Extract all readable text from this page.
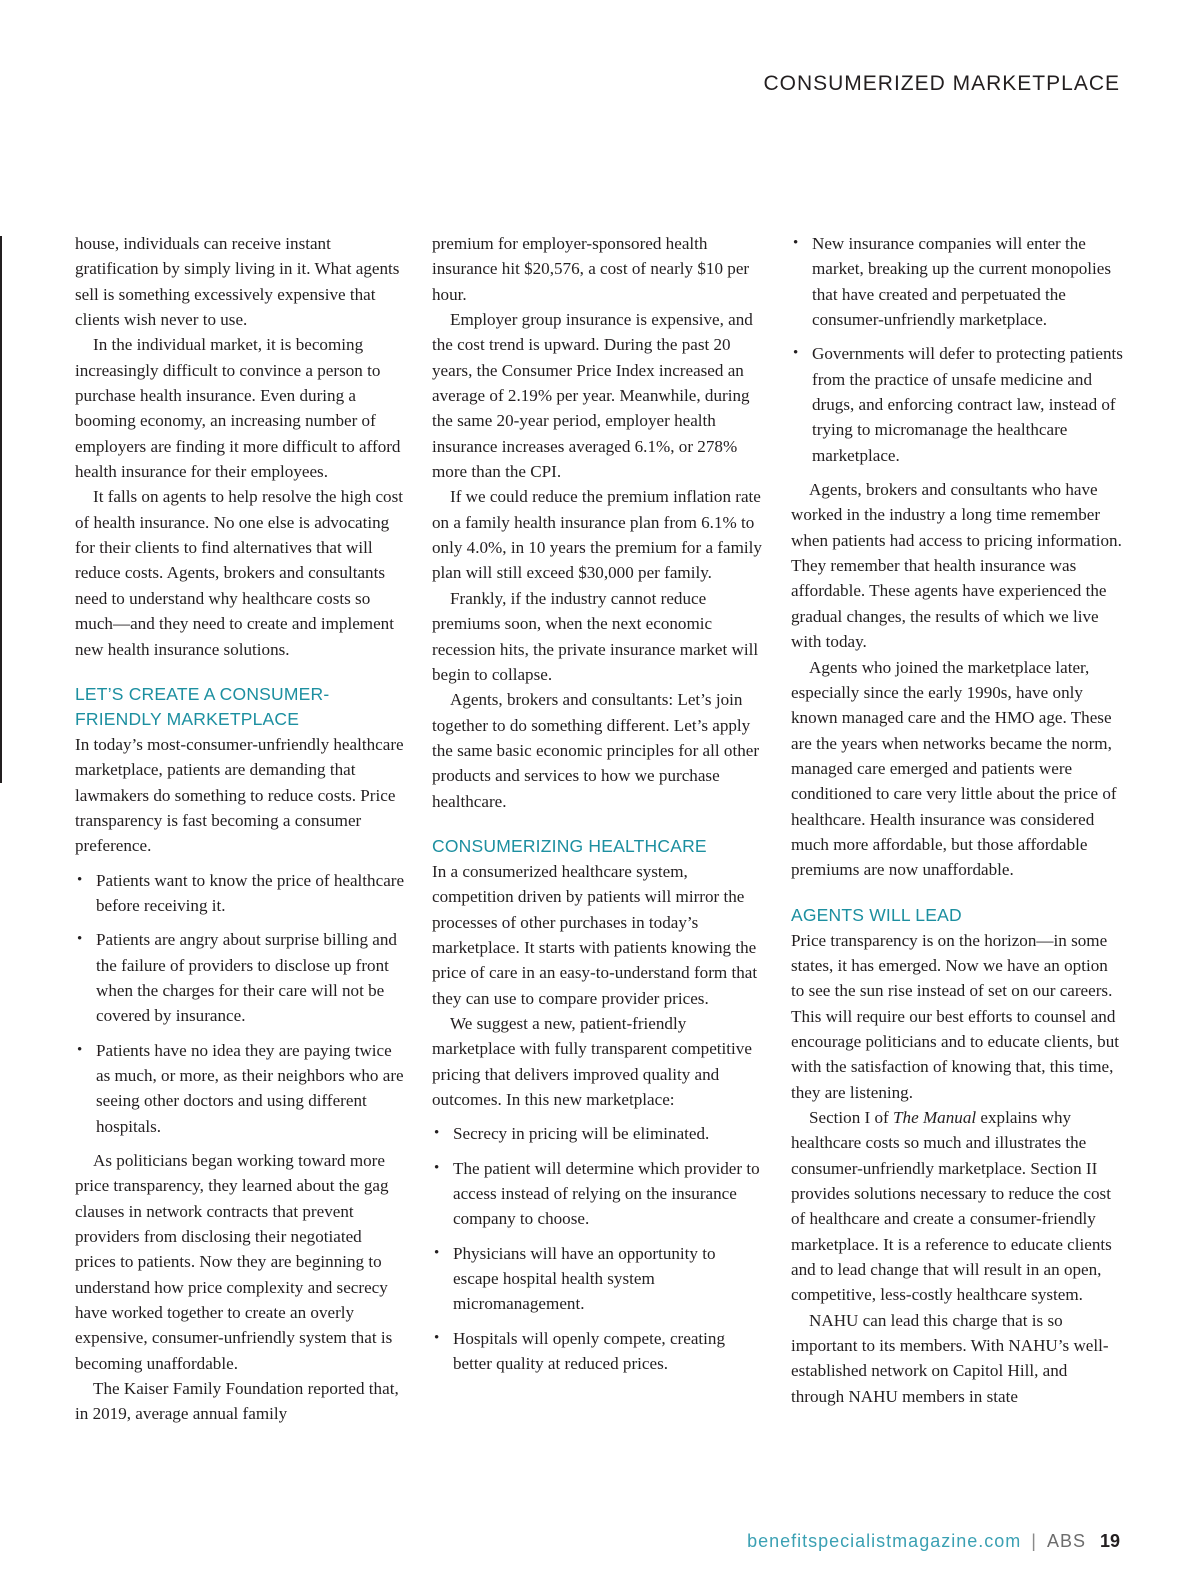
CONSUMERIZED MARKETPLACE

house, individuals can receive instant gratification by simply living in it. What agents sell is something excessively expensive that clients wish never to use.

In the individual market, it is becoming increasingly difficult to convince a person to purchase health insurance. Even during a booming economy, an increasing number of employers are finding it more difficult to afford health insurance for their employees.

It falls on agents to help resolve the high cost of health insurance. No one else is advocating for their clients to find alternatives that will reduce costs. Agents, brokers and consultants need to understand why healthcare costs so much—and they need to create and implement new health insurance solutions.

LET’S CREATE A CONSUMER-FRIENDLY MARKETPLACE

In today’s most-consumer-unfriendly healthcare marketplace, patients are demanding that lawmakers do something to reduce costs. Price transparency is fast becoming a consumer preference.

• Patients want to know the price of healthcare before receiving it.
• Patients are angry about surprise billing and the failure of providers to disclose up front when the charges for their care will not be covered by insurance.
• Patients have no idea they are paying twice as much, or more, as their neighbors who are seeing other doctors and using different hospitals.

As politicians began working toward more price transparency, they learned about the gag clauses in network contracts that prevent providers from disclosing their negotiated prices to patients. Now they are beginning to understand how price complexity and secrecy have worked together to create an overly expensive, consumer-unfriendly system that is becoming unaffordable.

The Kaiser Family Foundation reported that, in 2019, average annual family

premium for employer-sponsored health insurance hit $20,576, a cost of nearly $10 per hour.

Employer group insurance is expensive, and the cost trend is upward. During the past 20 years, the Consumer Price Index increased an average of 2.19% per year. Meanwhile, during the same 20-year period, employer health insurance increases averaged 6.1%, or 278% more than the CPI.

If we could reduce the premium inflation rate on a family health insurance plan from 6.1% to only 4.0%, in 10 years the premium for a family plan will still exceed $30,000 per family.

Frankly, if the industry cannot reduce premiums soon, when the next economic recession hits, the private insurance market will begin to collapse.

Agents, brokers and consultants: Let’s join together to do something different. Let’s apply the same basic economic principles for all other products and services to how we purchase healthcare.

CONSUMERIZING HEALTHCARE

In a consumerized healthcare system, competition driven by patients will mirror the processes of other purchases in today’s marketplace. It starts with patients knowing the price of care in an easy-to-understand form that they can use to compare provider prices.

We suggest a new, patient-friendly marketplace with fully transparent competitive pricing that delivers improved quality and outcomes. In this new marketplace:

• Secrecy in pricing will be eliminated.
• The patient will determine which provider to access instead of relying on the insurance company to choose.
• Physicians will have an opportunity to escape hospital health system micromanagement.
• Hospitals will openly compete, creating better quality at reduced prices.
• New insurance companies will enter the market, breaking up the current monopolies that have created and perpetuated the consumer-unfriendly marketplace.
• Governments will defer to protecting patients from the practice of unsafe medicine and drugs, and enforcing contract law, instead of trying to micromanage the healthcare marketplace.

Agents, brokers and consultants who have worked in the industry a long time remember when patients had access to pricing information. They remember that health insurance was affordable. These agents have experienced the gradual changes, the results of which we live with today.

Agents who joined the marketplace later, especially since the early 1990s, have only known managed care and the HMO age. These are the years when networks became the norm, managed care emerged and patients were conditioned to care very little about the price of healthcare. Health insurance was considered much more affordable, but those affordable premiums are now unaffordable.

AGENTS WILL LEAD

Price transparency is on the horizon—in some states, it has emerged. Now we have an option to see the sun rise instead of set on our careers. This will require our best efforts to counsel and encourage politicians and to educate clients, but with the satisfaction of knowing that, this time, they are listening.

Section I of The Manual explains why healthcare costs so much and illustrates the consumer-unfriendly marketplace. Section II provides solutions necessary to reduce the cost of healthcare and create a consumer-friendly marketplace. It is a reference to educate clients and to lead change that will result in an open, competitive, less-costly healthcare system.

NAHU can lead this charge that is so important to its members. With NAHU’s well-established network on Capitol Hill, and through NAHU members in state

benefitspecialistmagazine.com | ABS 19
